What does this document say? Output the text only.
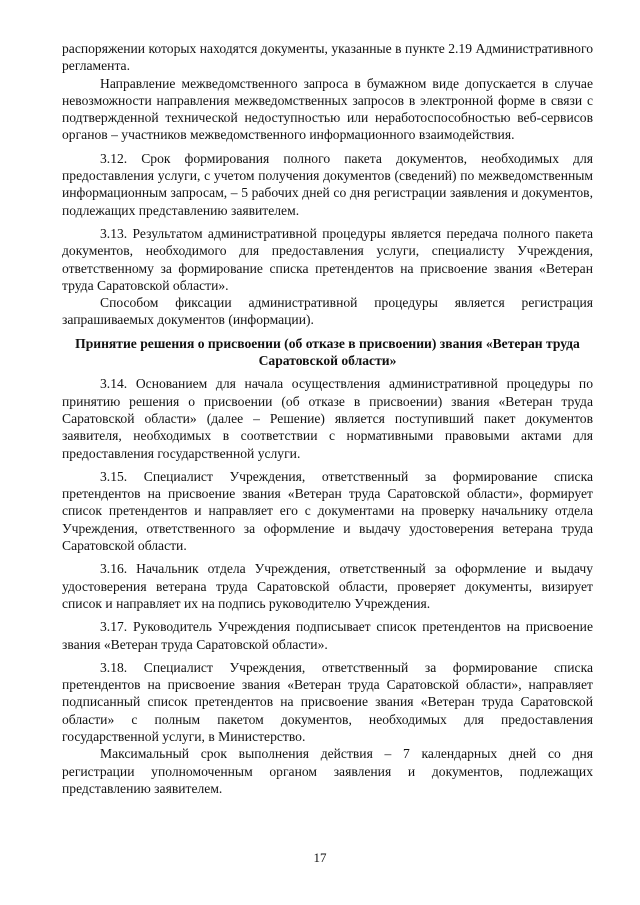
распоряжении которых находятся документы, указанные в пункте 2.19 Административного регламента.

Направление межведомственного запроса в бумажном виде допускается в случае невозможности направления межведомственных запросов в электронной форме в связи с подтвержденной технической недоступностью или неработоспособностью веб-сервисов органов – участников межведомственного информационного взаимодействия.

3.12. Срок формирования полного пакета документов, необходимых для предоставления услуги, с учетом получения документов (сведений) по межведомственным информационным запросам, – 5 рабочих дней со дня регистрации заявления и документов, подлежащих представлению заявителем.

3.13. Результатом административной процедуры является передача полного пакета документов, необходимого для предоставления услуги, специалисту Учреждения, ответственному за формирование списка претендентов на присвоение звания «Ветеран труда Саратовской области».

Способом фиксации административной процедуры является регистрация запрашиваемых документов (информации).

Принятие решения о присвоении (об отказе в присвоении) звания «Ветеран труда Саратовской области»

3.14. Основанием для начала осуществления административной процедуры по принятию решения о присвоении (об отказе в присвоении) звания «Ветеран труда Саратовской области» (далее – Решение) является поступивший пакет документов заявителя, необходимых в соответствии с нормативными правовыми актами для предоставления государственной услуги.

3.15. Специалист Учреждения, ответственный за формирование списка претендентов на присвоение звания «Ветеран труда Саратовской области», формирует список претендентов и направляет его с документами на проверку начальнику отдела Учреждения, ответственного за оформление и выдачу удостоверения ветерана труда Саратовской области.

3.16. Начальник отдела Учреждения, ответственный за оформление и выдачу удостоверения ветерана труда Саратовской области, проверяет документы, визирует список и направляет их на подпись руководителю Учреждения.

3.17. Руководитель Учреждения подписывает список претендентов на присвоение звания «Ветеран труда Саратовской области».

3.18. Специалист Учреждения, ответственный за формирование списка претендентов на присвоение звания «Ветеран труда Саратовской области», направляет подписанный список претендентов на присвоение звания «Ветеран труда Саратовской области» с полным пакетом документов, необходимых для предоставления государственной услуги, в Министерство.

Максимальный срок выполнения действия – 7 календарных дней со дня регистрации уполномоченным органом заявления и документов, подлежащих представлению заявителем.

17
